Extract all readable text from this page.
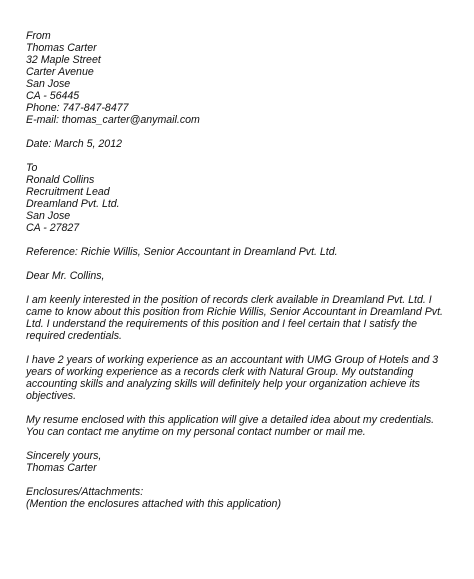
From
Thomas Carter
32 Maple Street
Carter Avenue
San Jose
CA - 56445
Phone: 747-847-8477
E-mail: thomas_carter@anymail.com
Date: March 5, 2012
To
Ronald Collins
Recruitment Lead
Dreamland Pvt. Ltd.
San Jose
CA - 27827
Reference: Richie Willis, Senior Accountant in Dreamland Pvt. Ltd.
Dear Mr. Collins,
I am keenly interested in the position of records clerk available in Dreamland Pvt. Ltd. I came to know about this position from Richie Willis, Senior Accountant in Dreamland Pvt. Ltd. I understand the requirements of this position and I feel certain that I satisfy the required credentials.
I have 2 years of working experience as an accountant with UMG Group of Hotels and 3 years of working experience as a records clerk with Natural Group. My outstanding accounting skills and analyzing skills will definitely help your organization achieve its objectives.
My resume enclosed with this application will give a detailed idea about my credentials. You can contact me anytime on my personal contact number or mail me.
Sincerely yours,
Thomas Carter
Enclosures/Attachments:
(Mention the enclosures attached with this application)
